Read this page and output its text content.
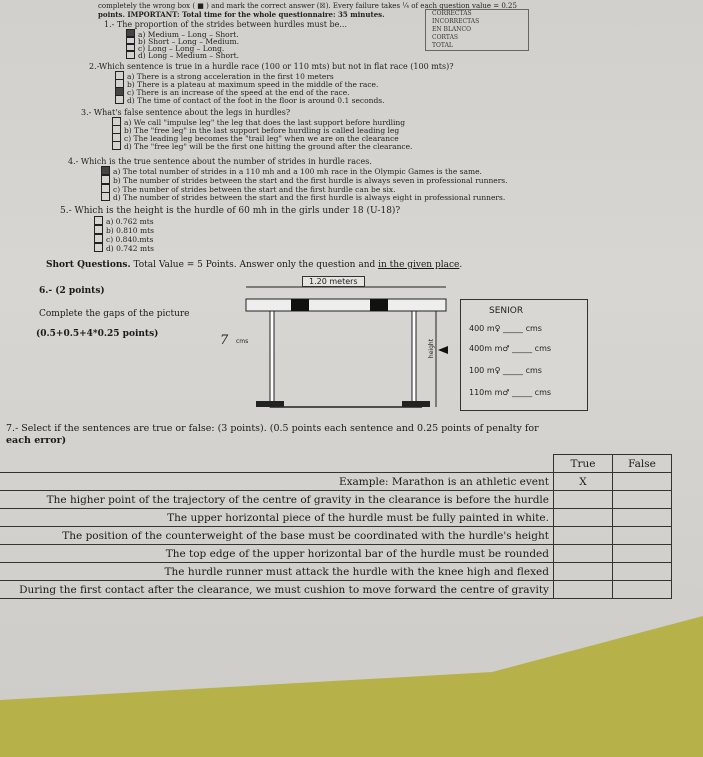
completely the wrong box ( ■ ) and mark the correct answer (☒). Every failure takes ¼ of each question value = 0.25
points. IMPORTANT: Total time for the whole questionnaire: 35 minutes.	CORRECTAS
INCORRECTAS
EN BLANCO
CORTAS
TOTAL
1.- The proportion of the strides between hurdles must be...
a) Medium – Long – Short.
b) Short – Long – Medium.
c) Long – Long – Long.
d) Long – Medium – Short.
2.-Which sentence is true in a hurdle race (100 or 110 mts) but not in flat race (100 mts)?
a) There is a strong acceleration in the first 10 meters
b) There is a plateau at maximum speed in the middle of the race.
c) There is an increase of the speed at the end of the race.
d) The time of contact of the foot in the floor is around 0.1 seconds.
3.- What's false sentence about the legs in hurdles?
a) We call "impulse leg" the leg that does the last support before hurdling
b) The "free leg" in the last support before hurdling is called leading leg
c) The leading leg becomes the "trail leg" when we are on the clearance
d) The "free leg" will be the first one hitting the ground after the clearance.
4.- Which is the true sentence about the number of strides in hurdle races.
a) The total number of strides in a 110 mh and a 100 mh race in the Olympic Games is the same.
b) The number of strides between the start and the first hurdle is always seven in professional runners.
c) The number of strides between the start and the first hurdle can be six.
d) The number of strides between the start and the first hurdle is always eight in professional runners.
5.- Which is the height is the hurdle of 60 mh in the girls under 18 (U-18)?
a) 0.762 mts
b) 0.810 mts
c) 0.840.mts
d) 0.742 mts
Short Questions. Total Value = 5 Points. Answer only the question and in the given place.
6.- (2 points)
Complete the gaps of the picture
(0.5+0.5+4*0.25 points)
1.20 meters
height
7 cms
SENIOR
400 m♀ _____ cms
400m m♂ _____ cms
100 m♀ _____ cms
110m m♂ _____ cms
7.- Select if the sentences are true or false: (3 points). (0.5 points each sentence and 0.25 points of penalty for
each error)
	True	False
Example: Marathon is an athletic event	X	
The higher point of the trajectory of the centre of gravity in the clearance is before the hurdle		
The upper horizontal piece of the hurdle must be fully painted in white.		
The position of the counterweight of the base must be coordinated with the hurdle's height		
The top edge of the upper horizontal bar of the hurdle must be rounded		
The hurdle runner must attack the hurdle with the knee high and flexed		
During the first contact after the clearance, we must cushion to move forward the centre of gravity		
